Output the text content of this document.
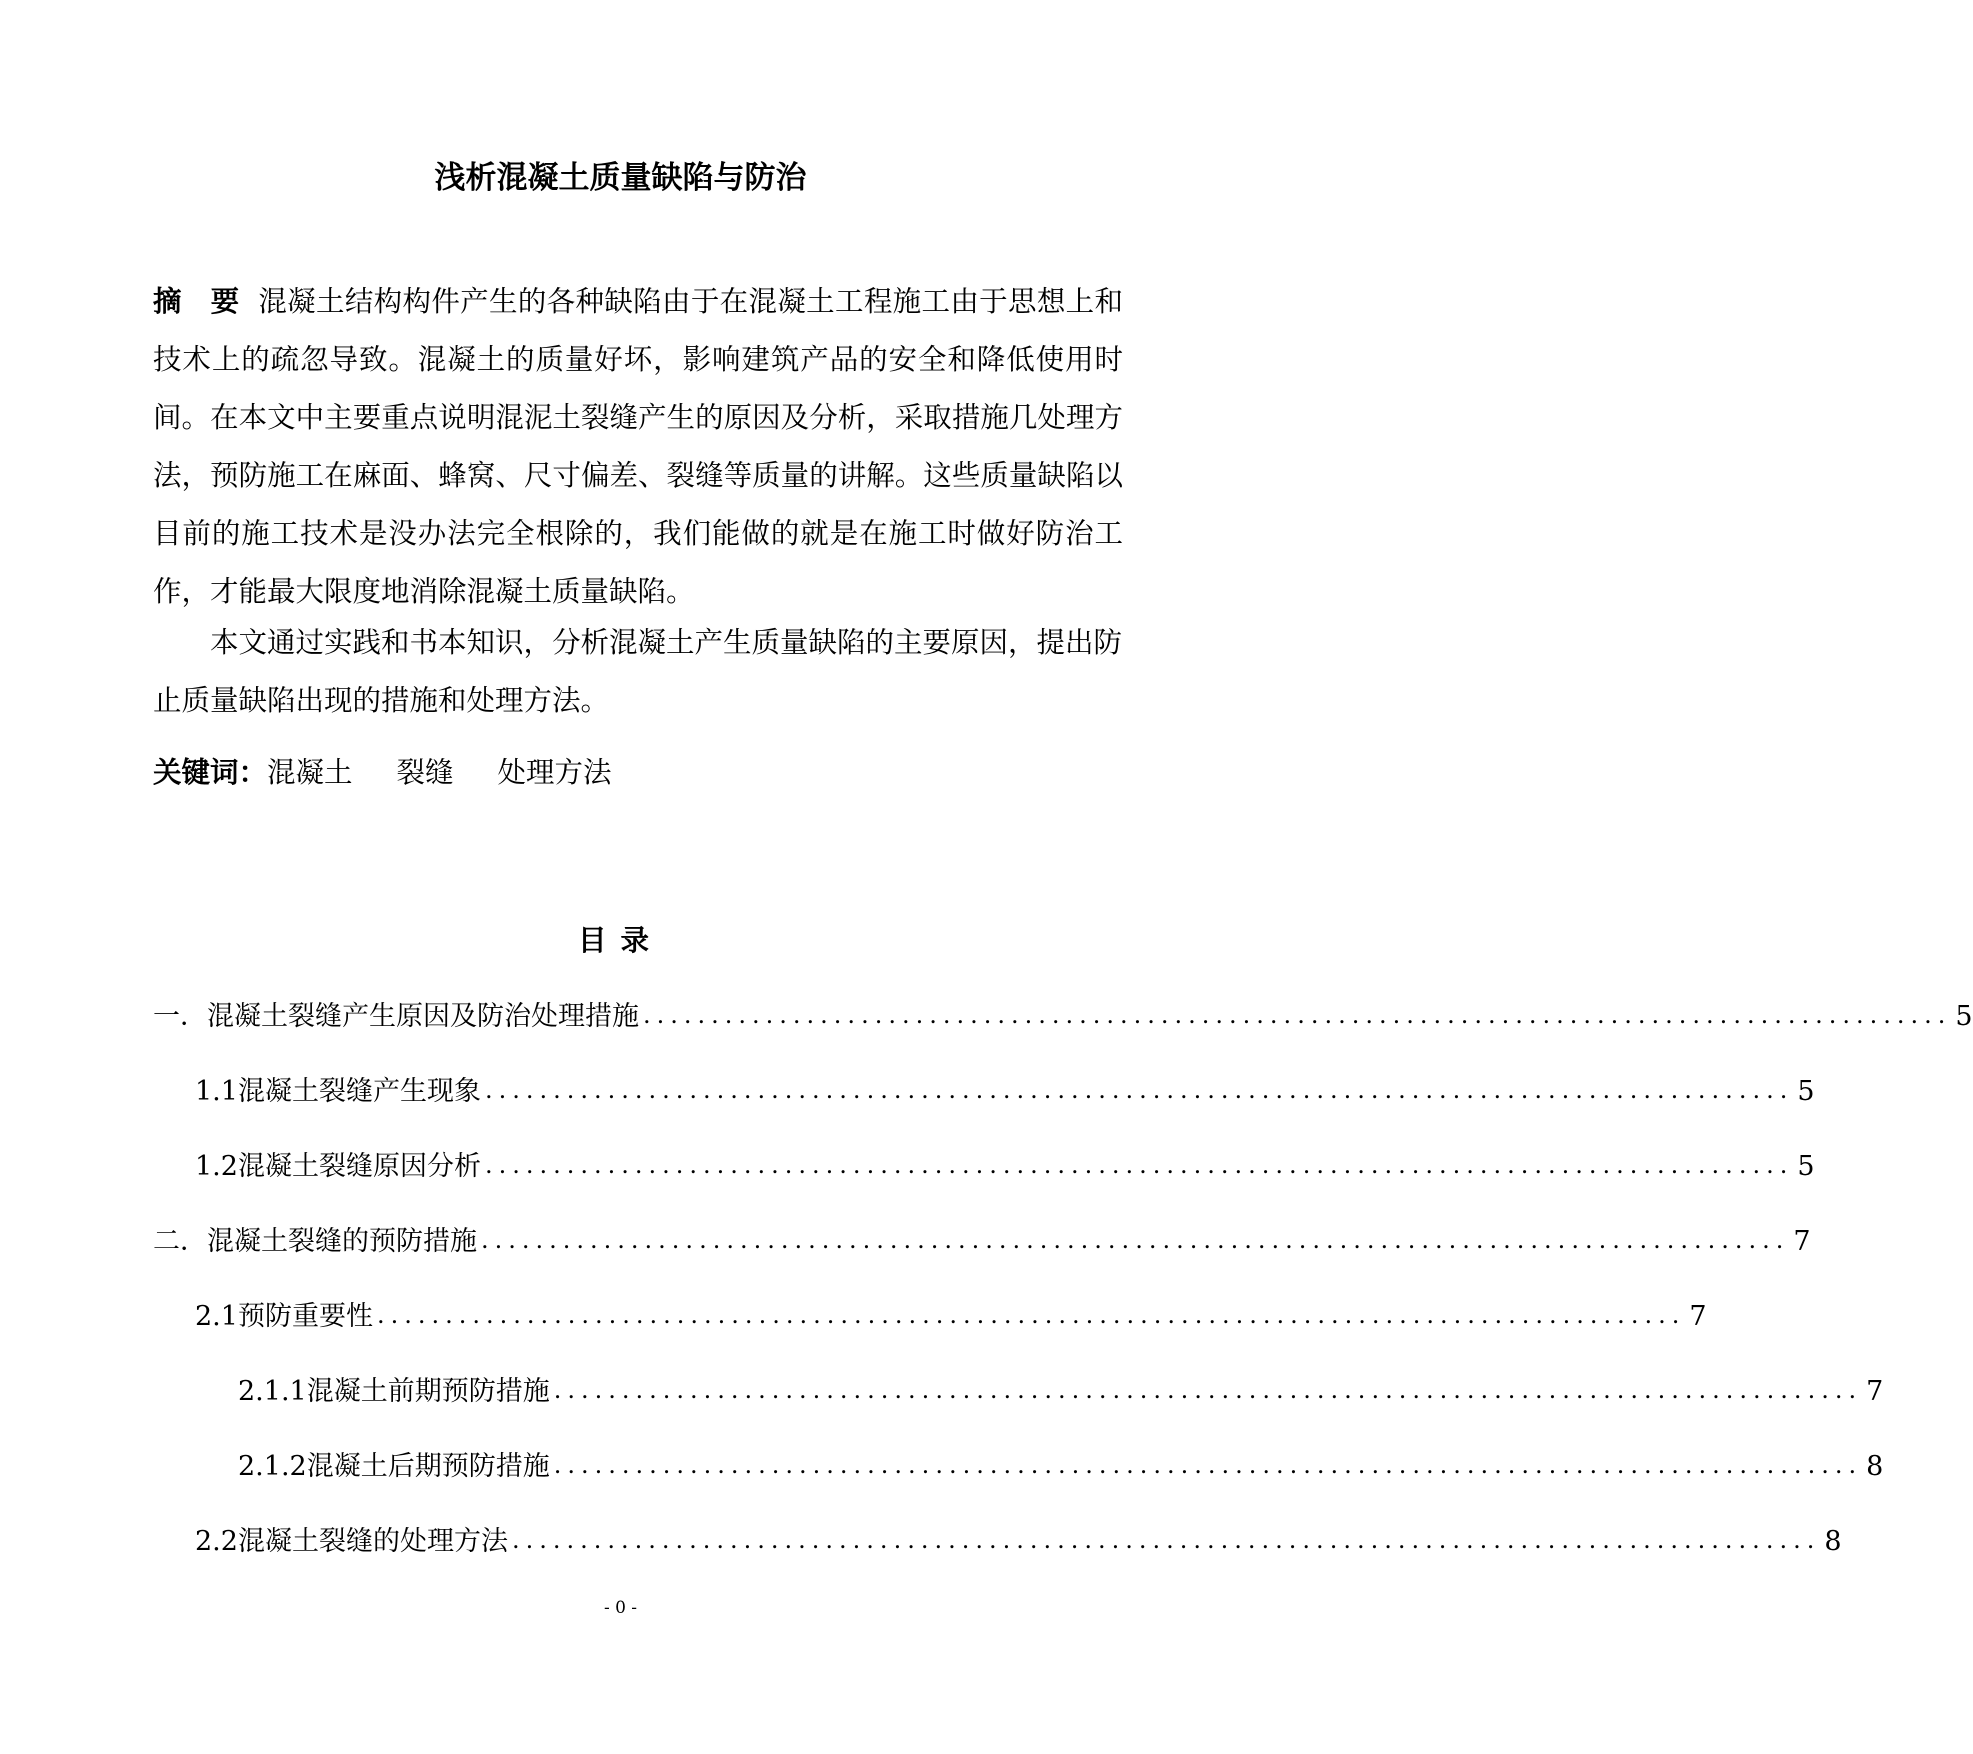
浅析混凝土质量缺陷与防治

摘　要 混凝土结构构件产生的各种缺陷由于在混凝土工程施工由于思想上和技术上的疏忽导致。混凝土的质量好坏，影响建筑产品的安全和降低使用时间。在本文中主要重点说明混泥土裂缝产生的原因及分析，采取措施几处理方法，预防施工在麻面、蜂窝、尺寸偏差、裂缝等质量的讲解。这些质量缺陷以目前的施工技术是没办法完全根除的，我们能做的就是在施工时做好防治工作，才能最大限度地消除混凝土质量缺陷。

本文通过实践和书本知识，分析混凝土产生质量缺陷的主要原因，提出防止质量缺陷出现的措施和处理方法。

关键词：混凝土 裂缝 处理方法

目录
一． 混凝土裂缝产生原因及防治处理措施 ................................................................................................ 5
1.1 混凝土裂缝产生现象 ................................................................................................ 5
1.2 混凝土裂缝原因分析 ................................................................................................ 5
二． 混凝土裂缝的预防措施 ................................................................................................ 7
2.1 预防重要性 ................................................................................................ 7
2.1.1 混凝土前期预防措施 ................................................................................................ 7
2.1.2 混凝土后期预防措施 ................................................................................................ 8
2.2 混凝土裂缝的处理方法 ................................................................................................ 8

- 0 -
